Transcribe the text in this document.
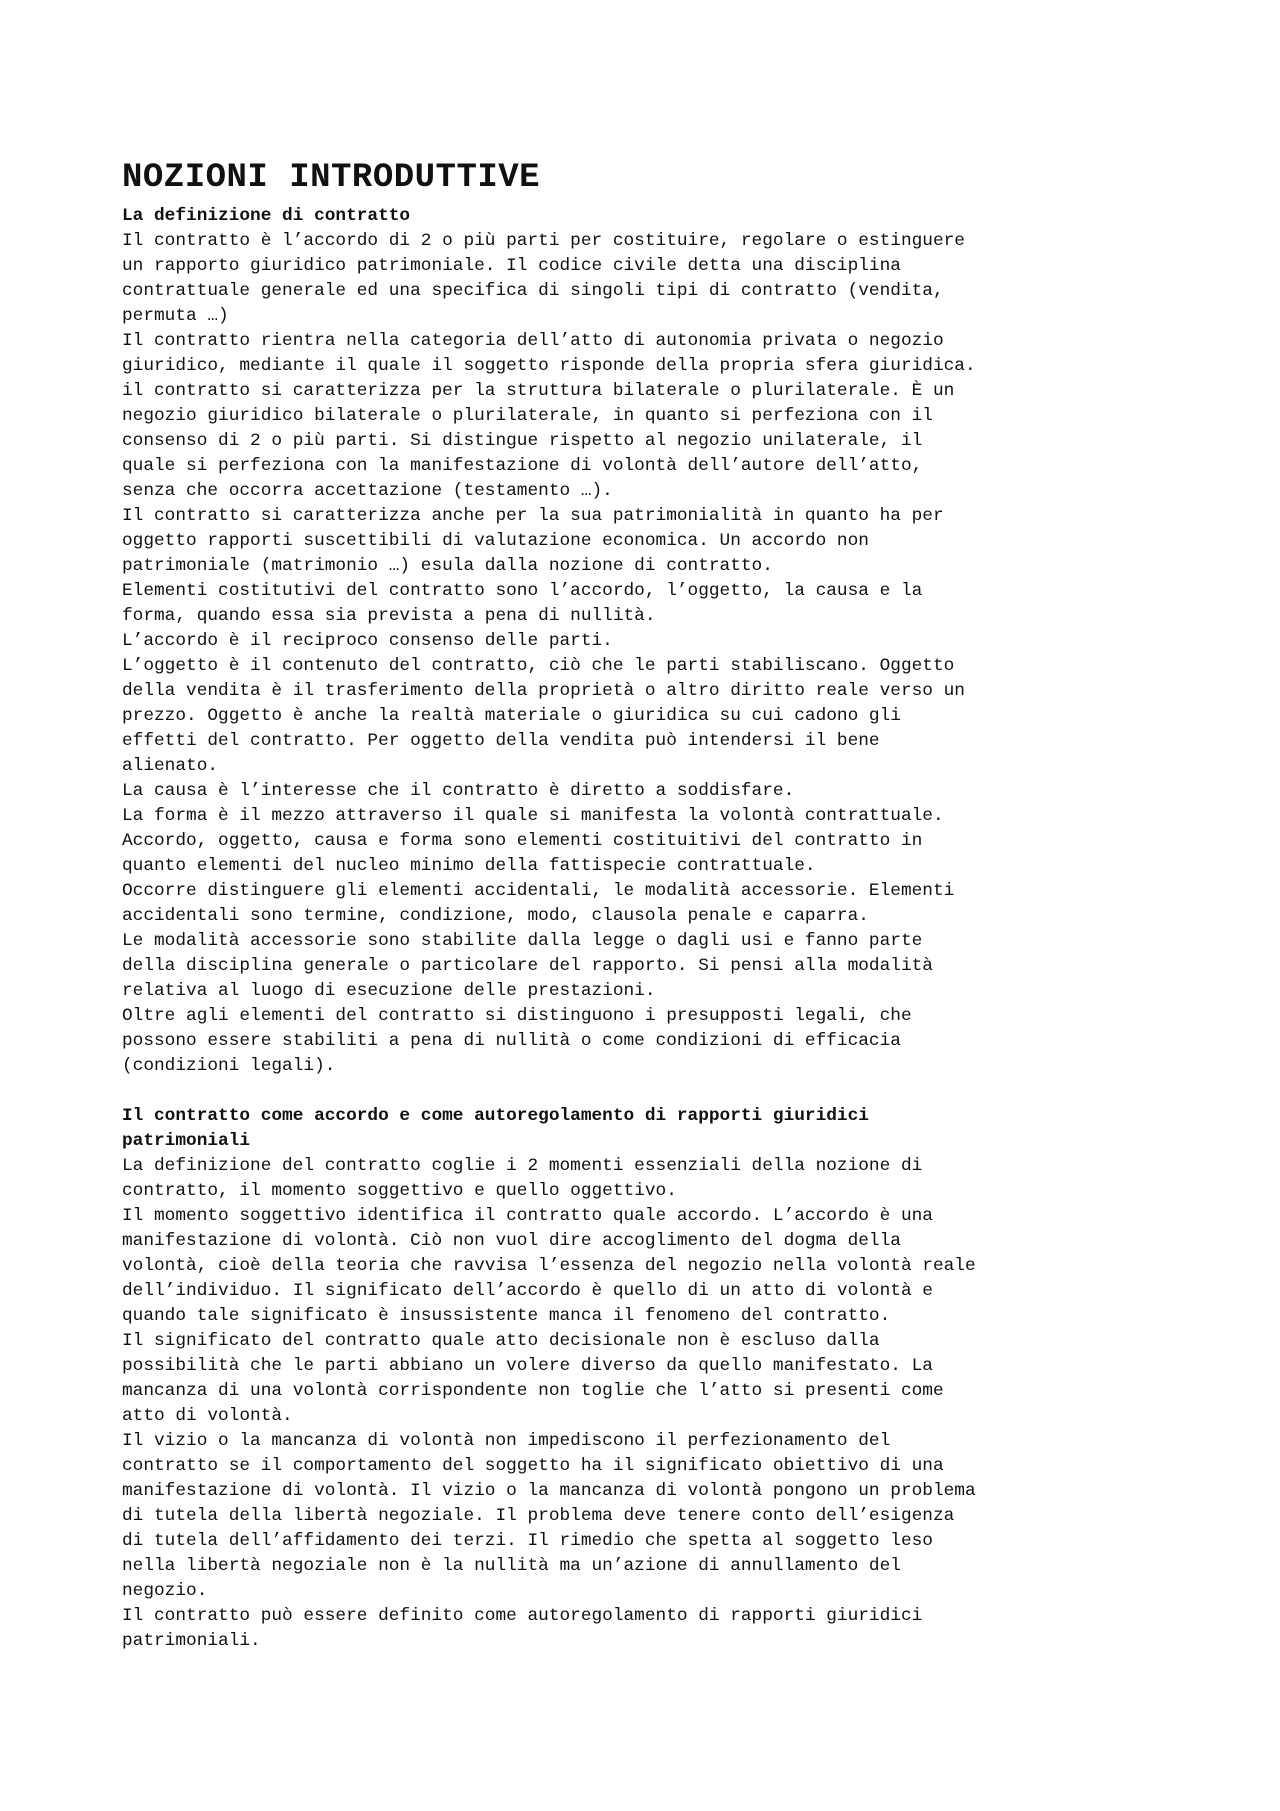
NOZIONI INTRODUTTIVE

La definizione di contratto

Il contratto è l’accordo di 2 o più parti per costituire, regolare o estinguere

un rapporto giuridico patrimoniale. Il codice civile detta una disciplina

contrattuale generale ed una specifica di singoli tipi di contratto (vendita,

permuta …)

Il contratto rientra nella categoria dell’atto di autonomia privata o negozio

giuridico, mediante il quale il soggetto risponde della propria sfera giuridica.

il contratto si caratterizza per la struttura bilaterale o plurilaterale. È un

negozio giuridico bilaterale o plurilaterale, in quanto si perfeziona con il

consenso di 2 o più parti. Si distingue rispetto al negozio unilaterale, il

quale si perfeziona con la manifestazione di volontà dell’autore dell’atto,

senza che occorra accettazione (testamento …).

Il contratto si caratterizza anche per la sua patrimonialità in quanto ha per

oggetto rapporti suscettibili di valutazione economica. Un accordo non

patrimoniale (matrimonio …) esula dalla nozione di contratto.

Elementi costitutivi del contratto sono l’accordo, l’oggetto, la causa e la

forma, quando essa sia prevista a pena di nullità.

L’accordo è il reciproco consenso delle parti.

L’oggetto è il contenuto del contratto, ciò che le parti stabiliscano. Oggetto

della vendita è il trasferimento della proprietà o altro diritto reale verso un

prezzo. Oggetto è anche la realtà materiale o giuridica su cui cadono gli

effetti del contratto. Per oggetto della vendita può intendersi il bene

alienato.

La causa è l’interesse che il contratto è diretto a soddisfare.

La forma è il mezzo attraverso il quale si manifesta la volontà contrattuale.

Accordo, oggetto, causa e forma sono elementi costituitivi del contratto in

quanto elementi del nucleo minimo della fattispecie contrattuale.

Occorre distinguere gli elementi accidentali, le modalità accessorie. Elementi

accidentali sono termine, condizione, modo, clausola penale e caparra.

Le modalità accessorie sono stabilite dalla legge o dagli usi e fanno parte

della disciplina generale o particolare del rapporto. Si pensi alla modalità

relativa al luogo di esecuzione delle prestazioni.

Oltre agli elementi del contratto si distinguono i presupposti legali, che

possono essere stabiliti a pena di nullità o come condizioni di efficacia

(condizioni legali).

Il contratto come accordo e come autoregolamento di rapporti giuridici

patrimoniali

La definizione del contratto coglie i 2 momenti essenziali della nozione di

contratto, il momento soggettivo e quello oggettivo.

Il momento soggettivo identifica il contratto quale accordo. L’accordo è una

manifestazione di volontà. Ciò non vuol dire accoglimento del dogma della

volontà, cioè della teoria che ravvisa l’essenza del negozio nella volontà reale

dell’individuo. Il significato dell’accordo è quello di un atto di volontà e

quando tale significato è insussistente manca il fenomeno del contratto.

Il significato del contratto quale atto decisionale non è escluso dalla

possibilità che le parti abbiano un volere diverso da quello manifestato. La

mancanza di una volontà corrispondente non toglie che l’atto si presenti come

atto di volontà.

Il vizio o la mancanza di volontà non impediscono il perfezionamento del

contratto se il comportamento del soggetto ha il significato obiettivo di una

manifestazione di volontà. Il vizio o la mancanza di volontà pongono un problema

di tutela della libertà negoziale. Il problema deve tenere conto dell’esigenza

di tutela dell’affidamento dei terzi. Il rimedio che spetta al soggetto leso

nella libertà negoziale non è la nullità ma un’azione di annullamento del

negozio.

Il contratto può essere definito come autoregolamento di rapporti giuridici

patrimoniali.
